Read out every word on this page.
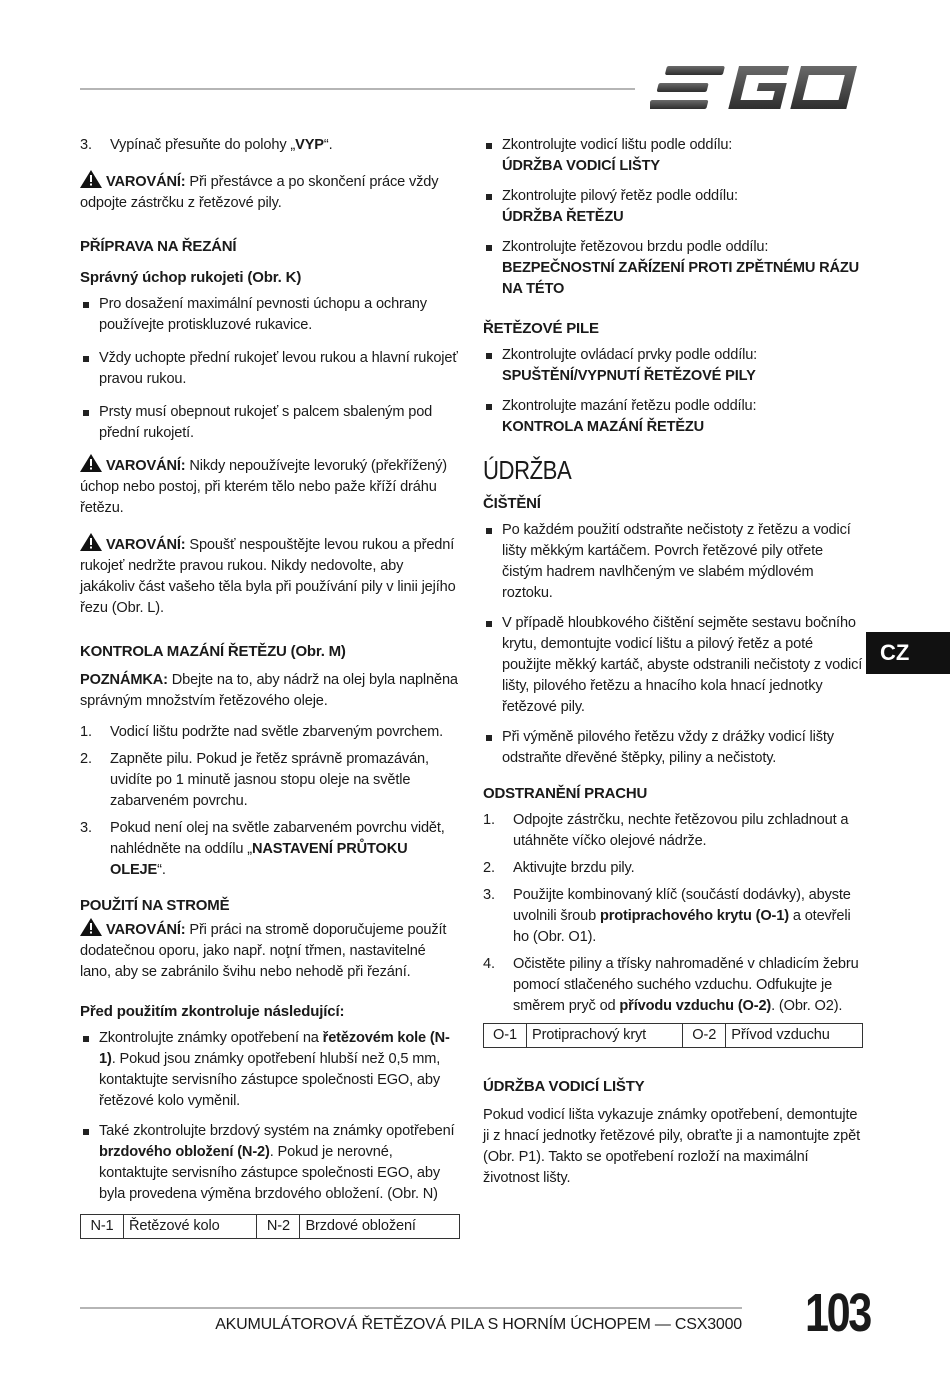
3. Vypínač přesuňte do polohy „VYP“.

VAROVÁNÍ: Při přestávce a po skončení práce vždy odpojte zástrčku z řetězové pily.

PŘÍPRAVA NA ŘEZÁNÍ

Správný úchop rukojeti (Obr. K)

Pro dosažení maximální pevnosti úchopu a ochrany používejte protiskluzové rukavice.
Vždy uchopte přední rukojeť levou rukou a hlavní rukojeť pravou rukou.
Prsty musí obepnout rukojeť s palcem sbaleným pod přední rukojetí.

VAROVÁNÍ: Nikdy nepoužívejte levoruký (překřížený) úchop nebo postoj, při kterém tělo nebo paže kříží dráhu řetězu.

VAROVÁNÍ: Spoušť nespouštějte levou rukou a přední rukojeť nedržte pravou rukou. Nikdy nedovolte, aby jakákoliv část vašeho těla byla při používání pily v linii jejího řezu (Obr. L).

KONTROLA MAZÁNÍ ŘETĚZU (Obr. M)

POZNÁMKA: Dbejte na to, aby nádrž na olej byla naplněna správným množstvím řetězového oleje.

1. Vodicí lištu podržte nad světle zbarveným povrchem.
2. Zapněte pilu. Pokud je řetěz správně promazáván, uvidíte po 1 minutě jasnou stopu oleje na světle zabarveném povrchu.
3. Pokud není olej na světle zabarveném povrchu vidět, nahlédněte na oddílu „NASTAVENÍ PRŮTOKU OLEJE“.

POUŽITÍ NA STROMĚ

VAROVÁNÍ: Při práci na stromě doporučujeme použít dodatečnou oporu, jako např. noţní třmen, nastavitelné lano, aby se zabránilo švihu nebo nehodě při řezání.

Před použitím zkontroluje následující:

Zkontrolujte známky opotřebení na řetězovém kole (N-1). Pokud jsou známky opotřebení hlubší než 0,5 mm, kontaktujte servisního zástupce společnosti EGO, aby řetězové kolo vyměnil.
Také zkontrolujte brzdový systém na známky opotřebení brzdového obložení (N-2). Pokud je nerovné, kontaktujte servisního zástupce společnosti EGO, aby byla provedena výměna brzdového obložení. (Obr. N)
N-1	Řetězové kolo	N-2	Brzdové obložení
Zkontrolujte vodicí lištu podle oddílu:
ÚDRŽBA VODICÍ LIŠTY
Zkontrolujte pilový řetěz podle oddílu:
ÚDRŽBA ŘETĚZU
Zkontrolujte řetězovou brzdu podle oddílu:
BEZPEČNOSTNÍ ZAŘÍZENÍ PROTI ZPĚTNÉMU RÁZU NA TÉTO

ŘETĚZOVÉ PILE

Zkontrolujte ovládací prvky podle oddílu:
SPUŠTĚNÍ/VYPNUTÍ ŘETĚZOVÉ PILY
Zkontrolujte mazání řetězu podle oddílu:
KONTROLA MAZÁNÍ ŘETĚZU

ÚDRŽBA

ČIŠTĚNÍ

Po každém použití odstraňte nečistoty z řetězu a vodicí lišty měkkým kartáčem. Povrch řetězové pily otřete čistým hadrem navlhčeným ve slabém mýdlovém roztoku.
V případě hloubkového čištění sejměte sestavu bočního krytu, demontujte vodicí lištu a pilový řetěz a poté použijte měkký kartáč, abyste odstranili nečistoty z vodicí lišty, pilového řetězu a hnacího kola hnací jednotky řetězové pily.
Při výměně pilového řetězu vždy z drážky vodicí lišty odstraňte dřevěné štěpky, piliny a nečistoty.

ODSTRANĚNÍ PRACHU

1. Odpojte zástrčku, nechte řetězovou pilu zchladnout a utáhněte víčko olejové nádrže.
2. Aktivujte brzdu pily.
3. Použijte kombinovaný klíč (součástí dodávky), abyste uvolnili šroub protiprachového krytu (O-1) a otevřeli ho (Obr. O1).
4. Očistěte piliny a třísky nahromaděné v chladicím žebru pomocí stlačeného suchého vzduchu. Odfukujte je směrem pryč od přívodu vzduchu (O-2). (Obr. O2).
O-1	Protiprachový kryt	O-2	Přívod vzduchu

ÚDRŽBA VODICÍ LIŠTY

Pokud vodicí lišta vykazuje známky opotřebení, demontujte ji z hnací jednotky řetězové pily, obraťte ji a namontujte zpět (Obr. P1). Takto se opotřebení rozloží na maximální životnost lišty.

CZ
AKUMULÁTOROVÁ ŘETĚZOVÁ PILA S HORNÍM ÚCHOPEM — CSX3000 103
